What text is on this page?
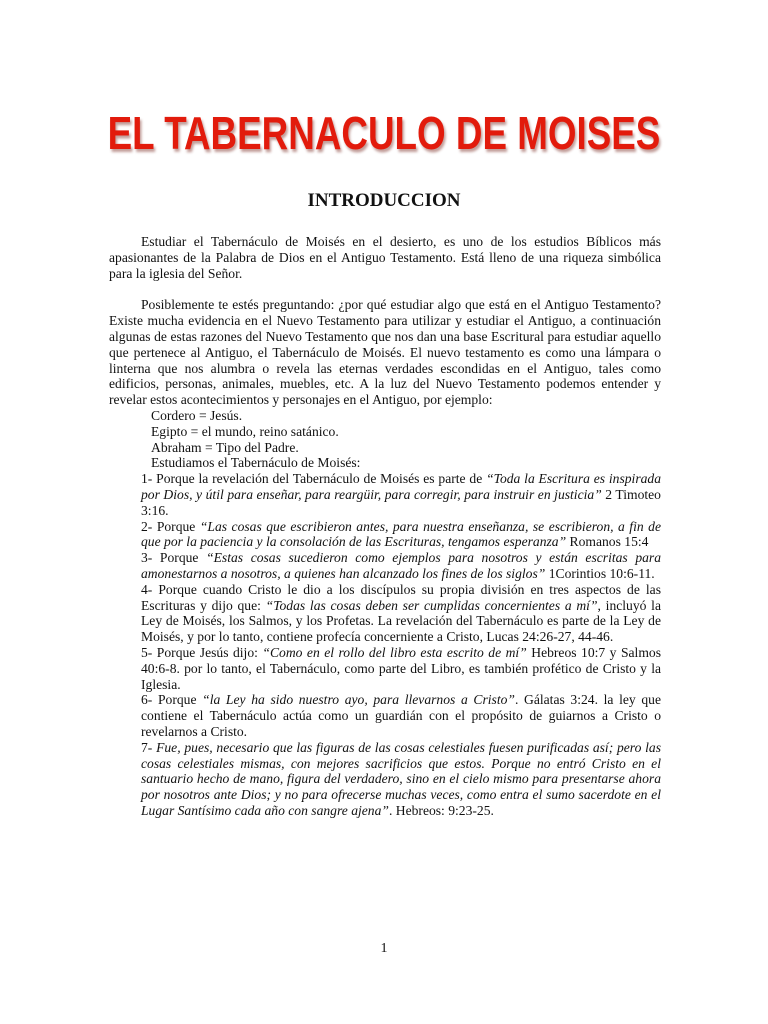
EL TABERNACULO DE MOISES
INTRODUCCION

Estudiar el Tabernáculo de Moisés en el desierto, es uno de los estudios Bíblicos más apasionantes de la Palabra de Dios en el Antiguo Testamento. Está lleno de una riqueza simbólica para la iglesia del Señor.

Posiblemente te estés preguntando: ¿por qué estudiar algo que está en el Antiguo Testamento? Existe mucha evidencia en el Nuevo Testamento para utilizar y estudiar el Antiguo, a continuación algunas de estas razones del Nuevo Testamento que nos dan una base Escritural para estudiar aquello que pertenece al Antiguo, el Tabernáculo de Moisés. El nuevo testamento es como una lámpara o linterna que nos alumbra o revela las eternas verdades escondidas en el Antiguo, tales como edificios, personas, animales, muebles, etc. A la luz del Nuevo Testamento podemos entender y revelar estos acontecimientos y personajes en el Antiguo, por ejemplo:

Cordero = Jesús.
Egipto = el mundo, reino satánico.
Abraham = Tipo del Padre.
Estudiamos el Tabernáculo de Moisés:
1- Porque la revelación del Tabernáculo de Moisés es parte de “Toda la Escritura es inspirada por Dios, y útil para enseñar, para reargüir, para corregir, para instruir en justicia” 2 Timoteo 3:16.
2- Porque “Las cosas que escribieron antes, para nuestra enseñanza, se escribieron, a fin de que por la paciencia y la consolación de las Escrituras, tengamos esperanza” Romanos 15:4
3- Porque “Estas cosas sucedieron como ejemplos para nosotros y están escritas para amonestarnos a nosotros, a quienes han alcanzado los fines de los siglos” 1Corintios 10:6-11.
4- Porque cuando Cristo le dio a los discípulos su propia división en tres aspectos de las Escrituras y dijo que: “Todas las cosas deben ser cumplidas concernientes a mí”, incluyó la Ley de Moisés, los Salmos, y los Profetas. La revelación del Tabernáculo es parte de la Ley de Moisés, y por lo tanto, contiene profecía concerniente a Cristo, Lucas 24:26-27, 44-46.
5- Porque Jesús dijo: “Como en el rollo del libro esta escrito de mí” Hebreos 10:7 y Salmos 40:6-8. por lo tanto, el Tabernáculo, como parte del Libro, es también profético de Cristo y la Iglesia.
6- Porque “la Ley ha sido nuestro ayo, para llevarnos a Cristo”. Gálatas 3:24. la ley que contiene el Tabernáculo actúa como un guardián con el propósito de guiarnos a Cristo o revelarnos a Cristo.
7- Fue, pues, necesario que las figuras de las cosas celestiales fuesen purificadas así; pero las cosas celestiales mismas, con mejores sacrificios que estos. Porque no entró Cristo en el santuario hecho de mano, figura del verdadero, sino en el cielo mismo para presentarse ahora por nosotros ante Dios; y no para ofrecerse muchas veces, como entra el sumo sacerdote en el Lugar Santísimo cada año con sangre ajena”. Hebreos: 9:23-25.
1
